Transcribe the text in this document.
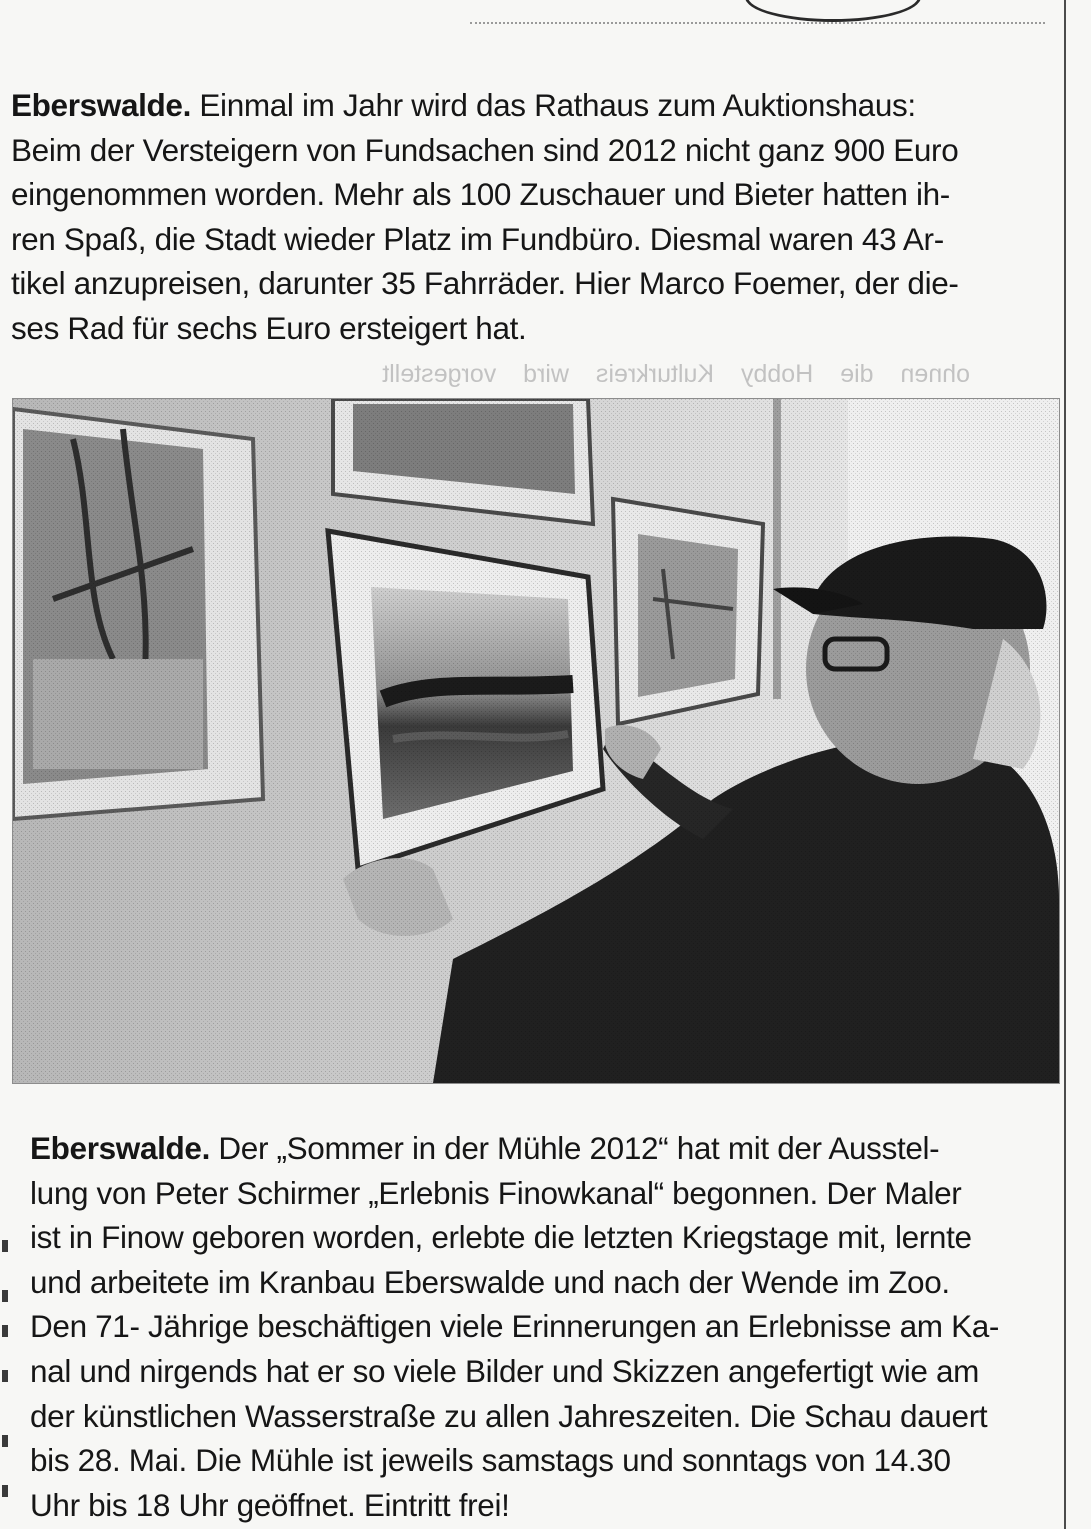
Eberswalde. Einmal im Jahr wird das Rathaus zum Auktionshaus:
Beim der Versteigern von Fundsachen sind 2012 nicht ganz 900 Euro
eingenommen worden. Mehr als 100 Zuschauer und Bieter hatten ih-
ren Spaß, die Stadt wieder Platz im Fundbüro. Diesmal waren 43 Ar-
tikel anzupreisen, darunter 35 Fahrräder. Hier Marco Foemer, der die-
ses Rad für sechs Euro ersteigert hat.
ohnen die Hobby Kulturkreis wird vorgestellt
Eberswalde. Der „Sommer in der Mühle 2012“ hat mit der Ausstel-
lung von Peter Schirmer „Erlebnis Finowkanal“ begonnen. Der Maler
ist in Finow geboren worden, erlebte die letzten Kriegstage mit, lernte
und arbeitete im Kranbau Eberswalde und nach der Wende im Zoo.
Den 71- Jährige beschäftigen viele Erinnerungen an Erlebnisse am Ka-
nal und nirgends hat er so viele Bilder und Skizzen angefertigt wie am
der künstlichen Wasserstraße zu allen Jahreszeiten. Die Schau dauert
bis 28. Mai. Die Mühle ist jeweils samstags und sonntags von 14.30
Uhr bis 18 Uhr geöffnet. Eintritt frei!
